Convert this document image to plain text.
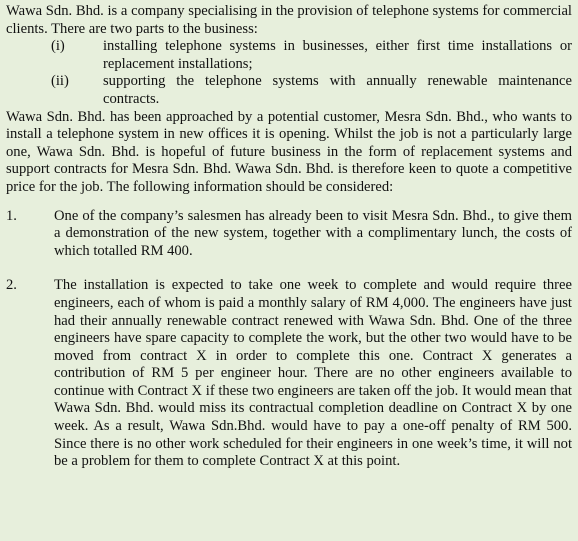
Wawa Sdn. Bhd. is a company specialising in the provision of telephone systems for commercial clients. There are two parts to the business:

(i)	installing telephone systems in businesses, either first time installations or replacement installations;
(ii)	supporting the telephone systems with annually renewable maintenance contracts.

Wawa Sdn. Bhd. has been approached by a potential customer, Mesra Sdn. Bhd., who wants to install a telephone system in new offices it is opening. Whilst the job is not a particularly large one, Wawa Sdn. Bhd. is hopeful of future business in the form of replacement systems and support contracts for Mesra Sdn. Bhd. Wawa Sdn. Bhd. is therefore keen to quote a competitive price for the job. The following information should be considered:

1.	One of the company’s salesmen has already been to visit Mesra Sdn. Bhd., to give them a demonstration of the new system, together with a complimentary lunch, the costs of which totalled RM 400.
2.	The installation is expected to take one week to complete and would require three engineers, each of whom is paid a monthly salary of RM 4,000. The engineers have just had their annually renewable contract renewed with Wawa Sdn. Bhd. One of the three engineers have spare capacity to complete the work, but the other two would have to be moved from contract X in order to complete this one. Contract X generates a contribution of RM 5 per engineer hour. There are no other engineers available to continue with Contract X if these two engineers are taken off the job. It would mean that Wawa Sdn. Bhd. would miss its contractual completion deadline on Contract X by one week. As a result, Wawa Sdn.Bhd. would have to pay a one-off penalty of RM 500. Since there is no other work scheduled for their engineers in one week’s time, it will not be a problem for them to complete Contract X at this point.
